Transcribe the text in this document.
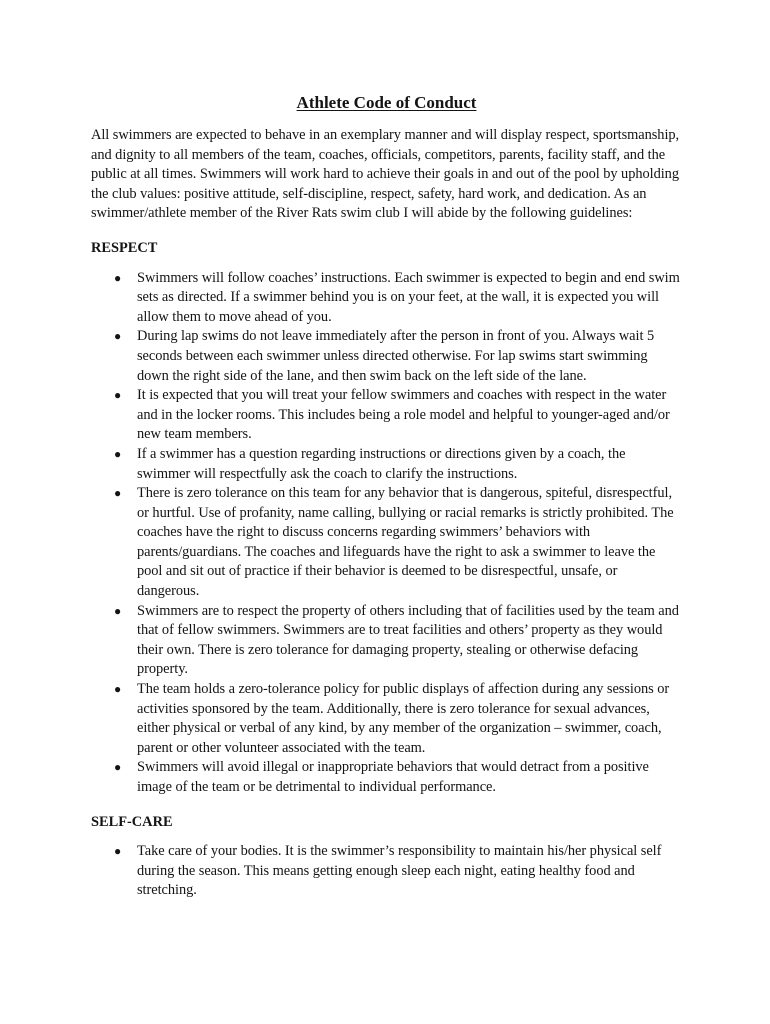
Athlete Code of Conduct

All swimmers are expected to behave in an exemplary manner and will display respect, sportsmanship, and dignity to all members of the team, coaches, officials, competitors, parents, facility staff, and the public at all times. Swimmers will work hard to achieve their goals in and out of the pool by upholding the club values: positive attitude, self-discipline, respect, safety, hard work, and dedication. As an swimmer/athlete member of the River Rats swim club I will abide by the following guidelines:

RESPECT
● Swimmers will follow coaches’ instructions. Each swimmer is expected to begin and end swim sets as directed. If a swimmer behind you is on your feet, at the wall, it is expected you will allow them to move ahead of you.
● During lap swims do not leave immediately after the person in front of you. Always wait 5 seconds between each swimmer unless directed otherwise. For lap swims start swimming down the right side of the lane, and then swim back on the left side of the lane.
● It is expected that you will treat your fellow swimmers and coaches with respect in the water and in the locker rooms. This includes being a role model and helpful to younger-aged and/or new team members.
● If a swimmer has a question regarding instructions or directions given by a coach, the swimmer will respectfully ask the coach to clarify the instructions.
● There is zero tolerance on this team for any behavior that is dangerous, spiteful, disrespectful, or hurtful. Use of profanity, name calling, bullying or racial remarks is strictly prohibited. The coaches have the right to discuss concerns regarding swimmers’ behaviors with parents/guardians. The coaches and lifeguards have the right to ask a swimmer to leave the pool and sit out of practice if their behavior is deemed to be disrespectful, unsafe, or dangerous.
● Swimmers are to respect the property of others including that of facilities used by the team and that of fellow swimmers. Swimmers are to treat facilities and others’ property as they would their own. There is zero tolerance for damaging property, stealing or otherwise defacing property.
● The team holds a zero-tolerance policy for public displays of affection during any sessions or activities sponsored by the team. Additionally, there is zero tolerance for sexual advances, either physical or verbal of any kind, by any member of the organization – swimmer, coach, parent or other volunteer associated with the team.
● Swimmers will avoid illegal or inappropriate behaviors that would detract from a positive image of the team or be detrimental to individual performance.
SELF-CARE
● Take care of your bodies. It is the swimmer’s responsibility to maintain his/her physical self during the season. This means getting enough sleep each night, eating healthy food and stretching.
